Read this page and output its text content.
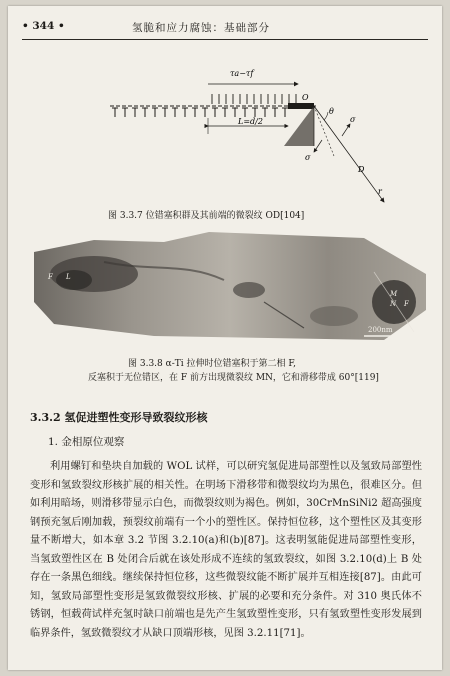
• 344 •	氢脆和应力腐蚀：基础部分
τa−τf
O
θ
σ
σ
L=d/2
D
r
图 3.3.7 位错塞积群及其前端的微裂纹 OD[104]
F L
M
N F
200nm
图 3.3.8 α-Ti 拉伸时位错塞积于第二相 F,
反塞积于无位错区，在 F 前方出现微裂纹 MN，它和滑移带成 60°[119]
3.3.2 氢促进塑性变形导致裂纹形核
1. 金相原位观察

利用螺钉和垫块自加载的 WOL 试样，可以研究氢促进局部塑性以及氢致局部塑性变形和氢致裂纹形核扩展的相关性。在明场下滑移带和微裂纹均为黑色，很难区分。但如利用暗场，则滑移带显示白色，而微裂纹则为褐色。例如，30CrMnSiNi2 超高强度钢预充氢后刚加载，预裂纹前端有一个小的塑性区。保持恒位移，这个塑性区及其变形量不断增大，如本章 3.2 节图 3.2.10(a)和(b)[87]。这表明氢能促进局部塑性变形，当氢致塑性区在 B 处闭合后就在该处形成不连续的氢致裂纹，如图 3.2.10(d)上 B 处存在一条黑色细线。继续保持恒位移，这些微裂纹能不断扩展并互相连接[87]。由此可知，氢致局部塑性变形是氢致微裂纹形核、扩展的必要和充分条件。对 310 奥氏体不锈钢，恒载荷试样充氢时缺口前端也是先产生氢致塑性变形，只有氢致塑性变形发展到临界条件，氢致微裂纹才从缺口顶端形核，见图 3.2.11[71]。
